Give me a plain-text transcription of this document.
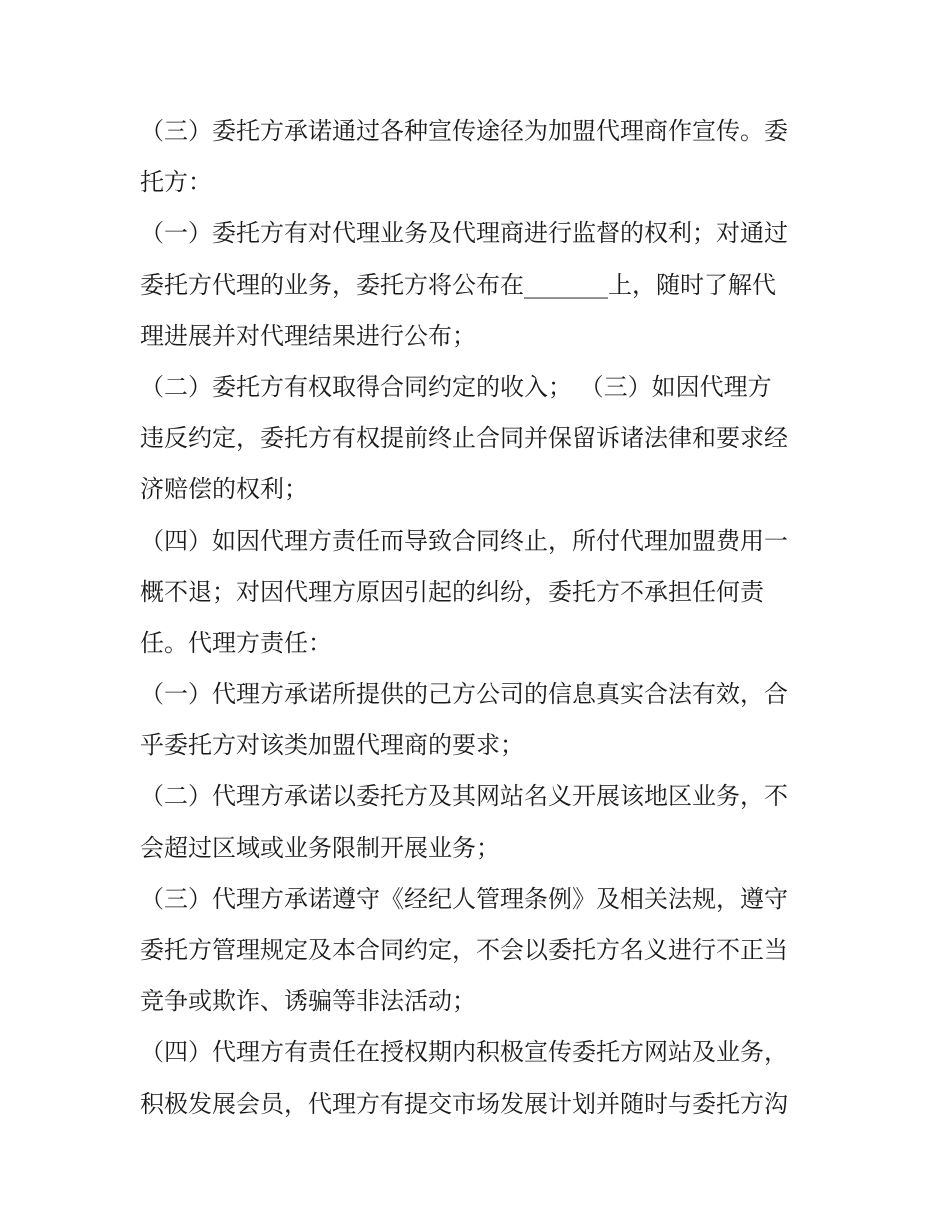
（三）委托方承诺通过各种宣传途径为加盟代理商作宣传。委
托方：
（一）委托方有对代理业务及代理商进行监督的权利；对通过
委托方代理的业务，委托方将公布在_______上，随时了解代
理进展并对代理结果进行公布；
（二）委托方有权取得合同约定的收入； （三）如因代理方
违反约定，委托方有权提前终止合同并保留诉诸法律和要求经
济赔偿的权利；
（四）如因代理方责任而导致合同终止，所付代理加盟费用一
概不退；对因代理方原因引起的纠纷，委托方不承担任何责
任。代理方责任：
（一）代理方承诺所提供的己方公司的信息真实合法有效，合
乎委托方对该类加盟代理商的要求；
（二）代理方承诺以委托方及其网站名义开展该地区业务，不
会超过区域或业务限制开展业务；
（三）代理方承诺遵守《经纪人管理条例》及相关法规，遵守
委托方管理规定及本合同约定，不会以委托方名义进行不正当
竞争或欺诈、诱骗等非法活动；
（四）代理方有责任在授权期内积极宣传委托方网站及业务，
积极发展会员，代理方有提交市场发展计划并随时与委托方沟
